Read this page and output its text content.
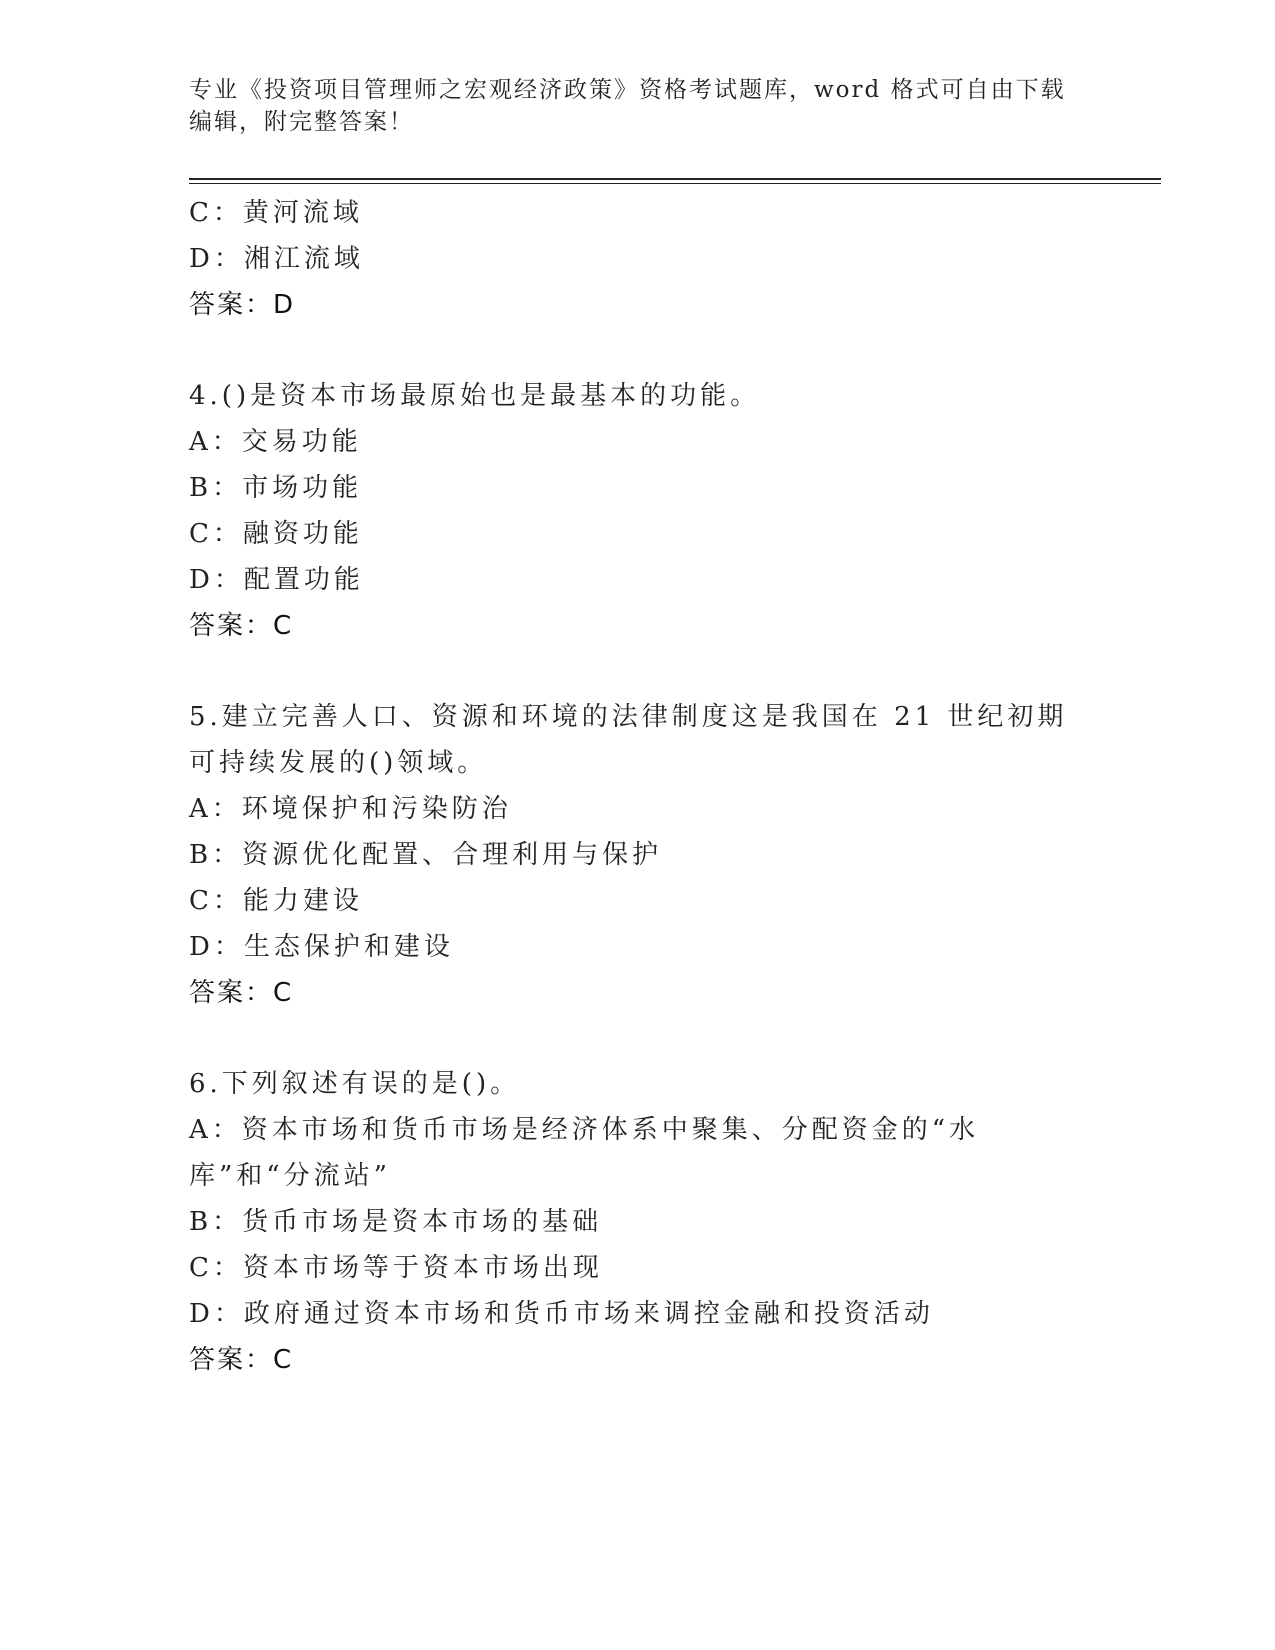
专业《投资项目管理师之宏观经济政策》资格考试题库，word 格式可自由下载编辑，附完整答案！
C：黄河流域
D：湘江流域
答案：D
4.()是资本市场最原始也是最基本的功能。
A：交易功能
B：市场功能
C：融资功能
D：配置功能
答案：C
5.建立完善人口、资源和环境的法律制度这是我国在 21 世纪初期可持续发展的()领域。
A：环境保护和污染防治
B：资源优化配置、合理利用与保护
C：能力建设
D：生态保护和建设
答案：C
6.下列叙述有误的是()。
A：资本市场和货币市场是经济体系中聚集、分配资金的“水库”和“分流站”
B：货币市场是资本市场的基础
C：资本市场等于资本市场出现
D：政府通过资本市场和货币市场来调控金融和投资活动
答案：C
